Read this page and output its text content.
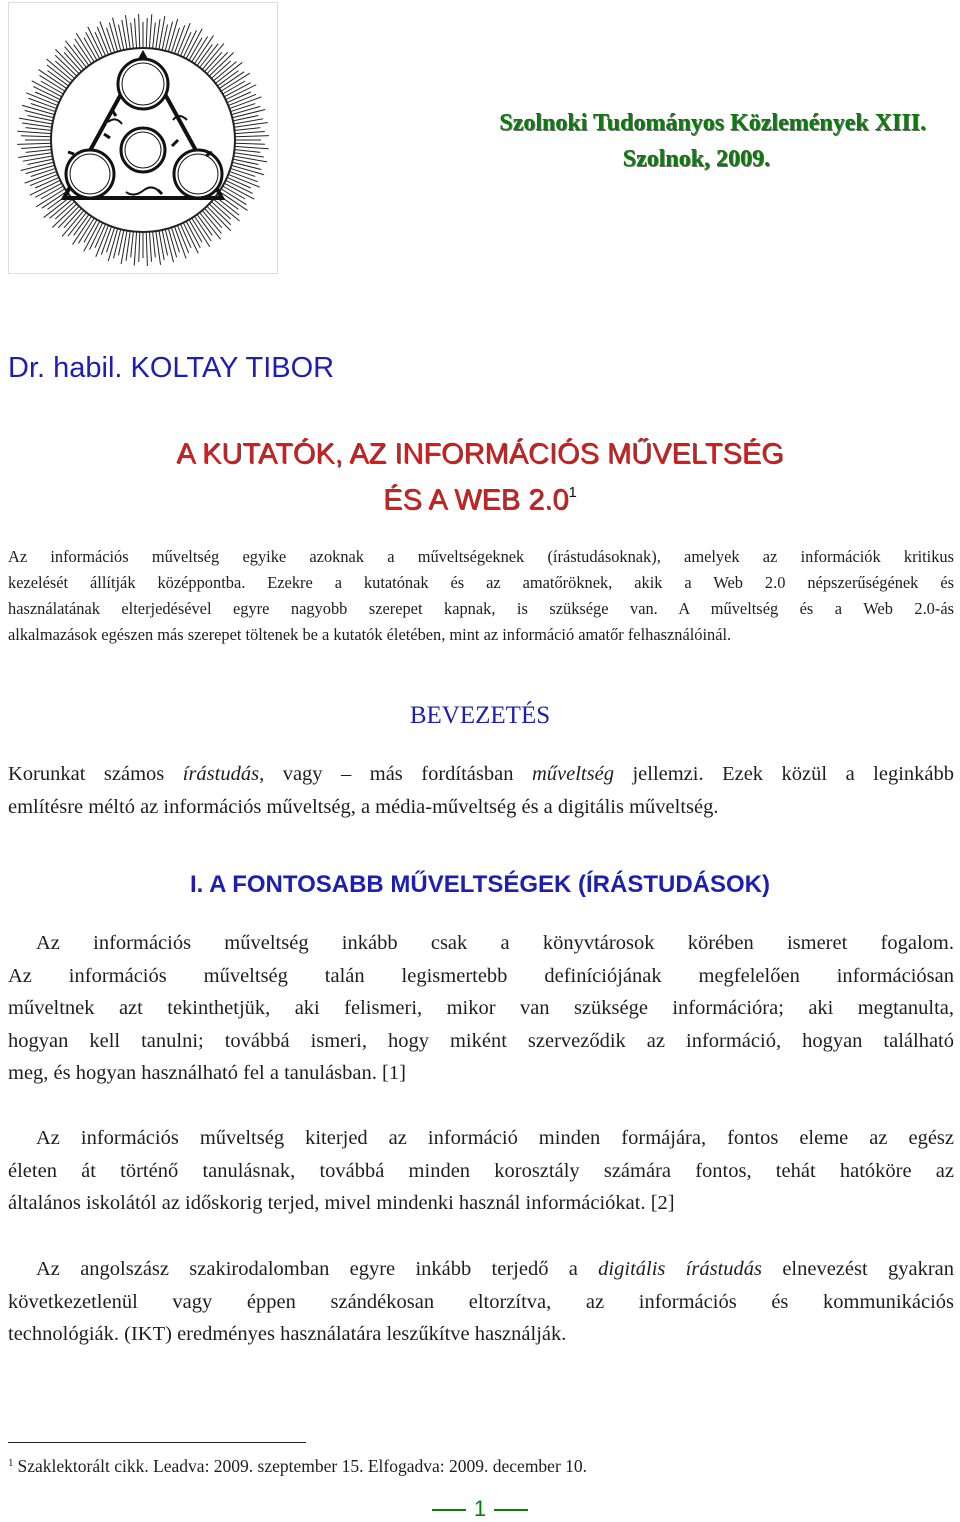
Szolnoki Tudományos Közlemények XIII.
Szolnok, 2009.
Dr. habil. KOLTAY TIBOR
A KUTATÓK, AZ INFORMÁCIÓS MŰVELTSÉG
ÉS A WEB $2.0^1$
Az információs műveltség egyike azoknak a műveltségeknek (írástudásoknak), amelyek az információk kritikus
kezelését állítják középpontba. Ezekre a kutatónak és az amatőröknek, akik a Web 2.0 népszerűségének és
használatának elterjedésével egyre nagyobb szerepet kapnak, is szüksége van. A műveltség és a Web 2.0-ás
alkalmazások egészen más szerepet töltenek be a kutatók életében, mint az információ amatőr felhasználóinál.
BEVEZETÉS
Korunkat számos írástudás, vagy – más fordításban műveltség jellemzi. Ezek közül a leginkább
említésre méltó az információs műveltség, a média-műveltség és a digitális műveltség.
I. A FONTOSABB MŰVELTSÉGEK (ÍRÁSTUDÁSOK)
Az információs műveltség inkább csak a könyvtárosok körében ismeret fogalom.
Az információs műveltség talán legismertebb definíciójának megfelelően információsan
műveltnek azt tekinthetjük, aki felismeri, mikor van szüksége információra; aki megtanulta,
hogyan kell tanulni; továbbá ismeri, hogy miként szerveződik az információ, hogyan található
meg, és hogyan használható fel a tanulásban. [1]
Az információs műveltség kiterjed az információ minden formájára, fontos eleme az egész
életen át történő tanulásnak, továbbá minden korosztály számára fontos, tehát hatóköre az
általános iskolától az időskorig terjed, mivel mindenki használ információkat. [2]
Az angolszász szakirodalomban egyre inkább terjedő a digitális írástudás elnevezést gyakran
következetlenül vagy éppen szándékosan eltorzítva, az információs és kommunikációs
technológiák. (IKT) eredményes használatára leszűkítve használják.
$^1$ Szaklektorált cikk. Leadva: 2009. szeptember 15. Elfogadva: 2009. december 10.
1
